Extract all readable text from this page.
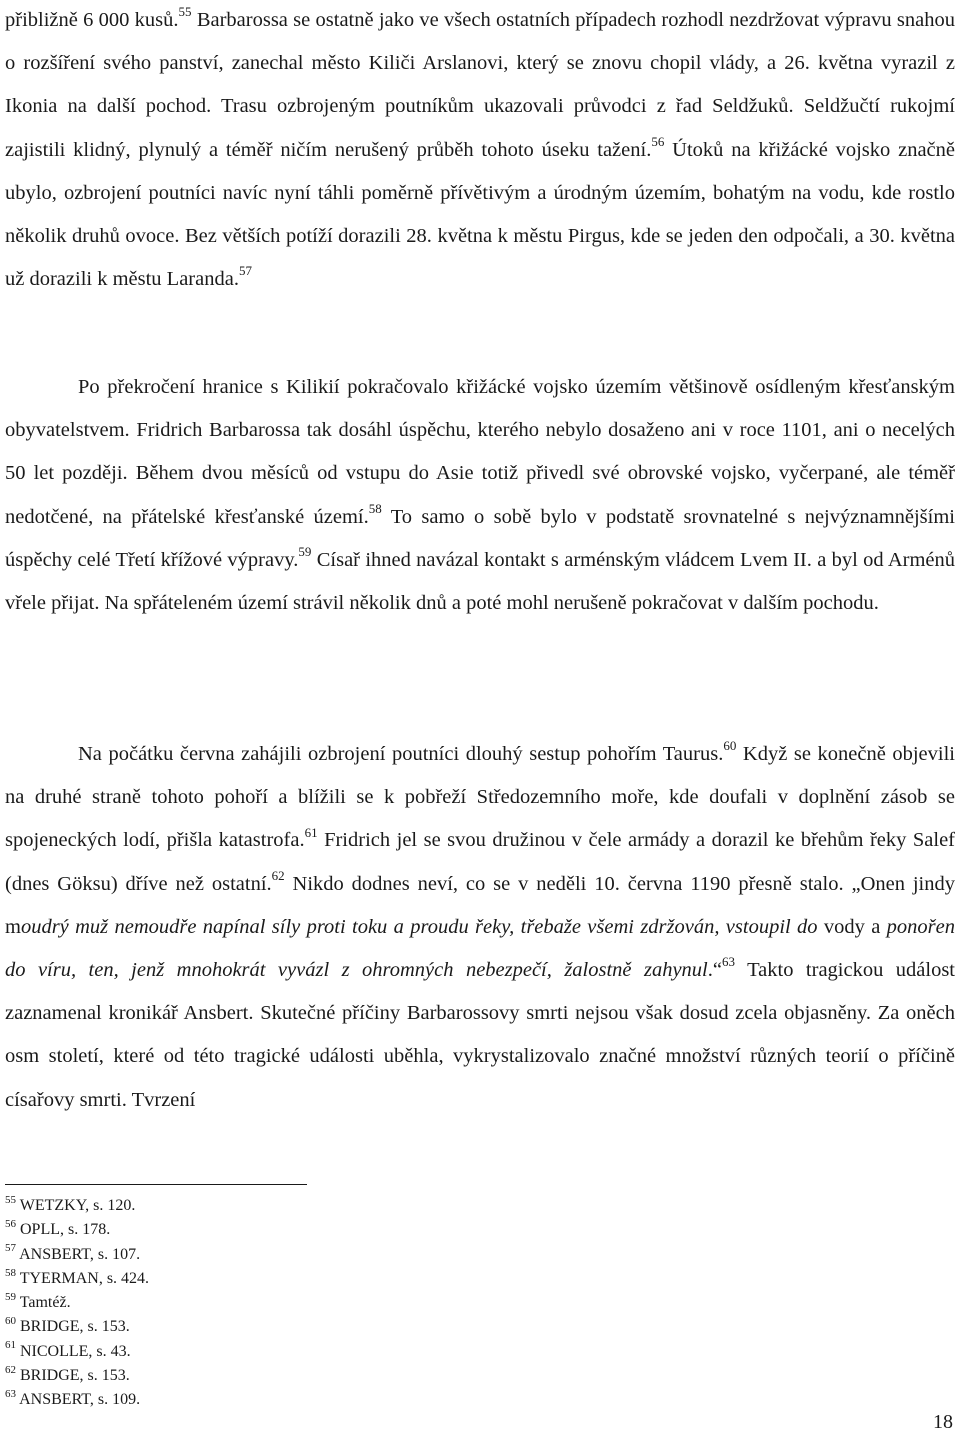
přibližně 6 000 kusů.$^{55}$ Barbarossa se ostatně jako ve všech ostatních případech rozhodl nezdržovat výpravu snahou o rozšíření svého panství, zanechal město Kiliči Arslanovi, který se znovu chopil vlády, a 26. května vyrazil z Ikonia na další pochod. Trasu ozbrojeným poutníkům ukazovali průvodci z řad Seldžuků. Seldžučtí rukojmí zajistili klidný, plynulý a téměř ničím nerušený průběh tohoto úseku tažení.$^{56}$ Útoků na křižácké vojsko značně ubylo, ozbrojení poutníci navíc nyní táhli poměrně přívětivým a úrodným územím, bohatým na vodu, kde rostlo několik druhů ovoce. Bez větších potíží dorazili 28. května k městu Pirgus, kde se jeden den odpočali, a 30. května už dorazili k městu Laranda.$^{57}$

Po překročení hranice s Kilikií pokračovalo křižácké vojsko územím většinově osídleným křesťanským obyvatelstvem. Fridrich Barbarossa tak dosáhl úspěchu, kterého nebylo dosaženo ani v roce 1101, ani o necelých 50 let později. Během dvou měsíců od vstupu do Asie totiž přivedl své obrovské vojsko, vyčerpané, ale téměř nedotčené, na přátelské křesťanské území.$^{58}$ To samo o sobě bylo v podstatě srovnatelné s nejvýznamnějšími úspěchy celé Třetí křížové výpravy.$^{59}$ Císař ihned navázal kontakt s arménským vládcem Lvem II. a byl od Arménů vřele přijat. Na spřáteleném území strávil několik dnů a poté mohl nerušeně pokračovat v dalším pochodu.

Na počátku června zahájili ozbrojení poutníci dlouhý sestup pohořím Taurus.$^{60}$ Když se konečně objevili na druhé straně tohoto pohoří a blížili se k pobřeží Středozemního moře, kde doufali v doplnění zásob se spojeneckých lodí, přišla katastrofa.$^{61}$ Fridrich jel se svou družinou v čele armády a dorazil ke břehům řeky Salef (dnes Göksu) dříve než ostatní.$^{62}$ Nikdo dodnes neví, co se v neděli 10. června 1190 přesně stalo. „Onen jindy moudrý muž nemoudře napínal síly proti toku a proudu řeky, třebaže všemi zdržován, vstoupil do vody a ponořen do víru, ten, jenž mnohokrát vyvázl z ohromných nebezpečí, žalostně zahynul.“$^{63}$ Takto tragickou událost zaznamenal kronikář Ansbert. Skutečné příčiny Barbarossovy smrti nejsou však dosud zcela objasněny. Za oněch osm století, které od této tragické události uběhla, vykrystalizovalo značné množství různých teorií o příčině císařovy smrti. Tvrzení

$^{55}$ WETZKY, s. 120.
$^{56}$ OPLL, s. 178.
$^{57}$ ANSBERT, s. 107.
$^{58}$ TYERMAN, s. 424.
$^{59}$ Tamtéž.
$^{60}$ BRIDGE, s. 153.
$^{61}$ NICOLLE, s. 43.
$^{62}$ BRIDGE, s. 153.
$^{63}$ ANSBERT, s. 109.
18
